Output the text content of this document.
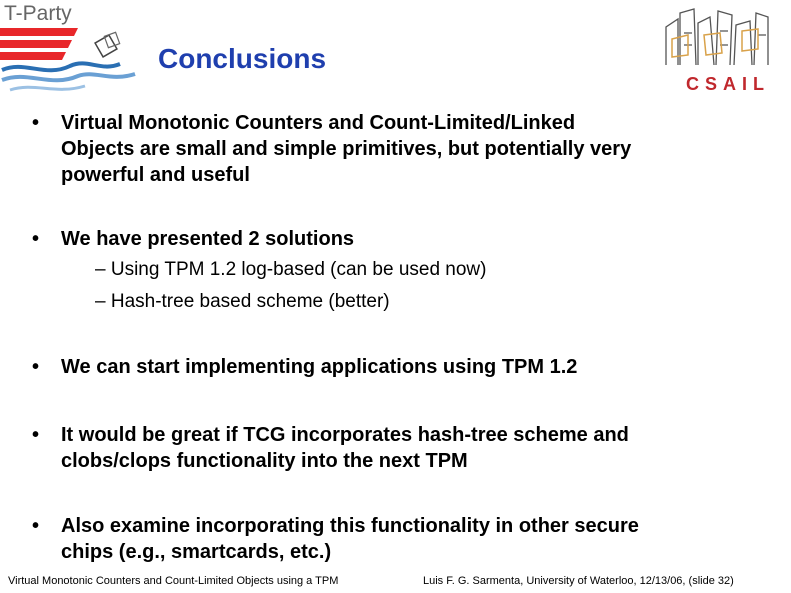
T-Party
Conclusions
CSAIL
•	Virtual Monotonic Counters and Count-Limited/Linked
Objects are small and simple primitives, but potentially very
powerful and useful
•	We have presented 2 solutions
– Using TPM 1.2 log-based (can be used now)
– Hash-tree based scheme (better)
•	We can start implementing applications using TPM 1.2
•	It would be great if TCG incorporates hash-tree scheme and
clobs/clops functionality into the next TPM
•	Also examine incorporating this functionality in other secure
chips (e.g., smartcards, etc.)
Virtual Monotonic Counters and Count-Limited Objects using a TPM	Luis F. G. Sarmenta, University of Waterloo, 12/13/06, (slide 32)
